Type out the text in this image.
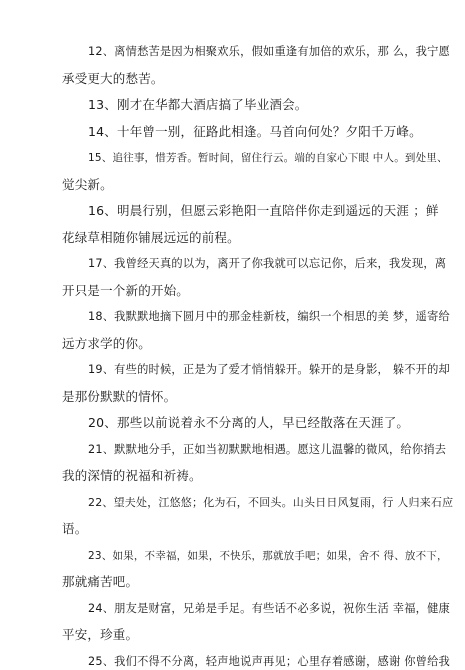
12、离情愁苦是因为相聚欢乐，假如重逢有加倍的欢乐，那 么，我宁愿
承受更大的愁苦。
13、刚才在华都大酒店搞了毕业酒会。
14、十年曾一别，征路此相逢。马首向何处？夕阳千万峰。
15、追往事，惜芳香。暂时间，留住行云。端的自家心下眼 中人。到处里、
觉尖新。
16、明晨行别，但愿云彩艳阳一直陪伴你走到遥远的天涯 ；鲜
花绿草相随你铺展远远的前程。
17、我曾经天真的以为，离开了你我就可以忘记你，后来，我发现，离
开只是一个新的开始。
18、我默默地摘下圆月中的那金桂新枝，编织一个相思的美 梦，遥寄给
远方求学的你。
19、有些的时候，正是为了爱才悄悄躲开。躲开的是身影， 躲不开的却
是那份默默的情怀。
20、那些以前说着永不分离的人，早已经散落在天涯了。
21、默默地分手，正如当初默默地相遇。愿这儿温馨的微风，给你捎去
我的深情的祝福和祈祷。
22、望夫处，江悠悠；化为石，不回头。山头日日风复雨，行 人归来石应
语。
23、如果，不幸福，如果，不快乐，那就放手吧；如果，舍不 得、放不下，
那就痛苦吧。
24、朋友是财富，兄弟是手足。有些话不必多说，祝你生活 幸福，健康
平安，珍重。
25、我们不得不分离，轻声地说声再见；心里存着感谢，感谢 你曾给我
